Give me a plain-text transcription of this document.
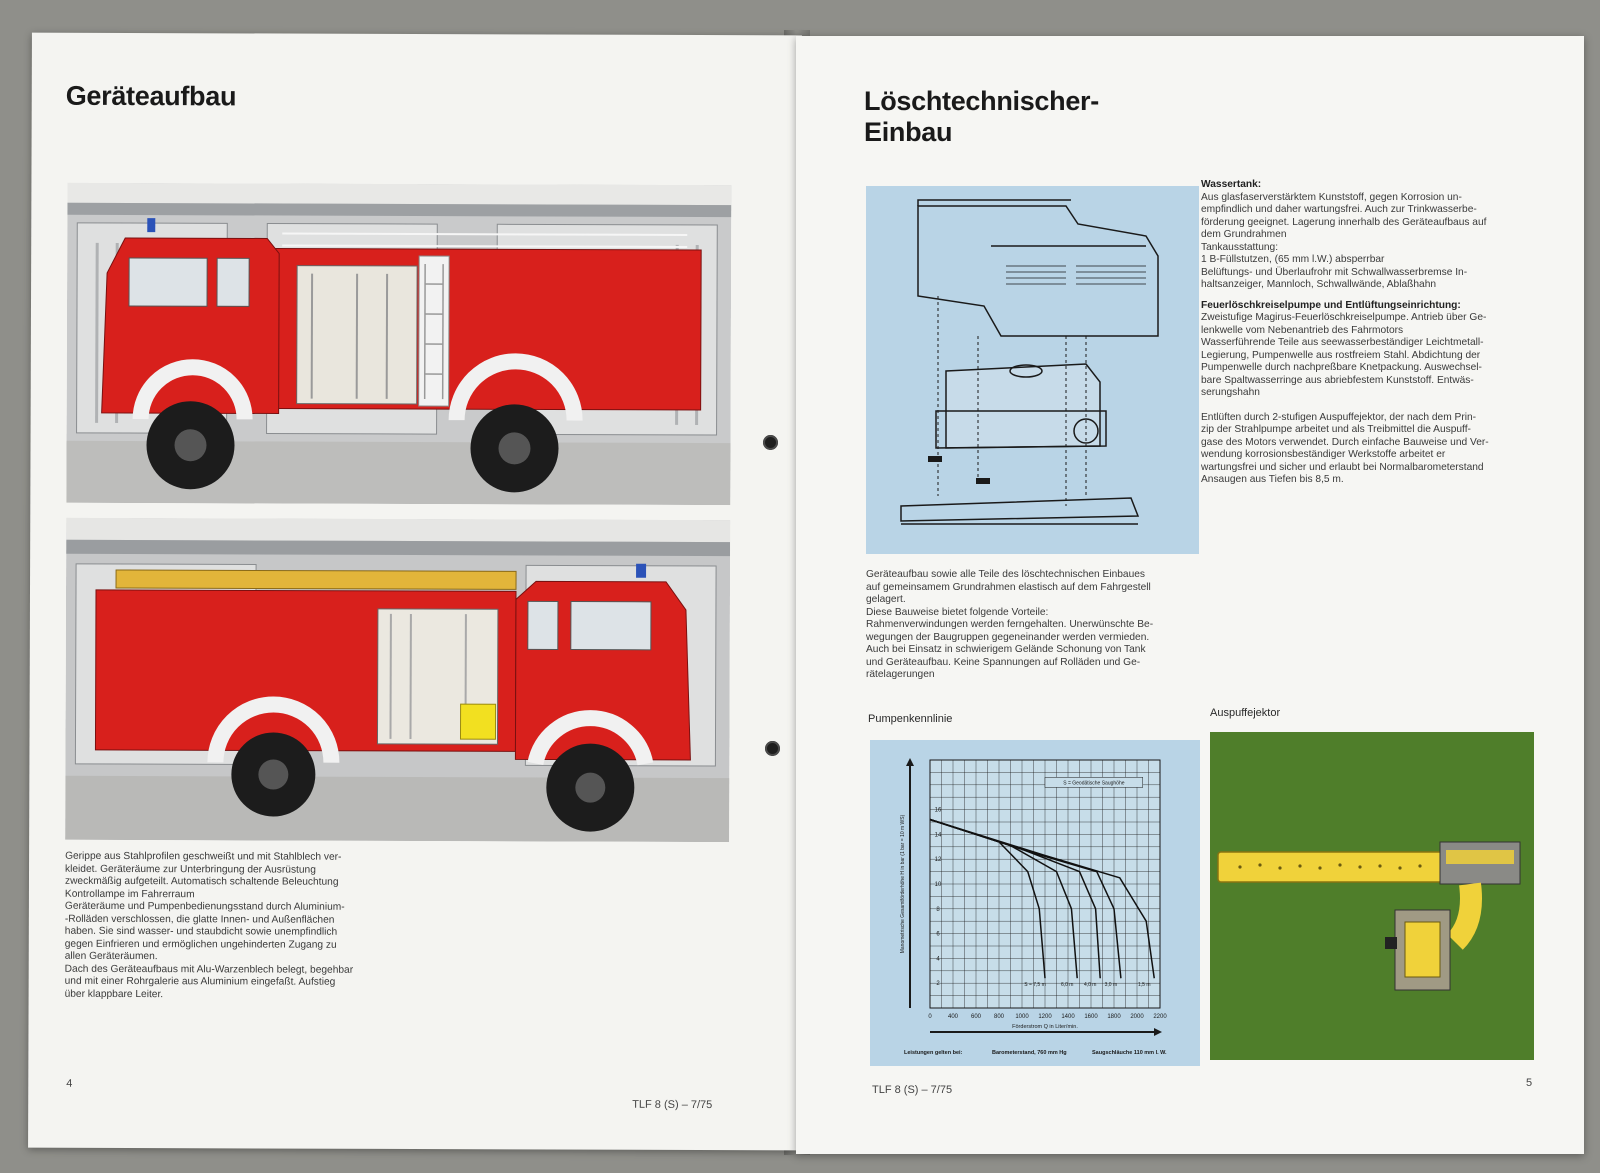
Geräteaufbau

Gerippe aus Stahlprofilen geschweißt und mit Stahlblech ver-

kleidet. Geräteräume zur Unterbringung der Ausrüstung

zweckmäßig aufgeteilt. Automatisch schaltende Beleuchtung

Kontrollampe im Fahrerraum

Geräteräume und Pumpenbedienungsstand durch Aluminium-

-Rolläden verschlossen, die glatte Innen- und Außenflächen

haben. Sie sind wasser- und staubdicht sowie unempfindlich

gegen Einfrieren und ermöglichen ungehinderten Zugang zu

allen Geräteräumen.

Dach des Geräteaufbaus mit Alu-Warzenblech belegt, begehbar

und mit einer Rohrgalerie aus Aluminium eingefaßt. Aufstieg

über klappbare Leiter.

4
TLF 8 (S) – 7/75
Löschtechnischer-
Einbau

Wassertank:

Aus glasfaserverstärktem Kunststoff, gegen Korrosion un-

empfindlich und daher wartungsfrei. Auch zur Trinkwasserbe-

förderung geeignet. Lagerung innerhalb des Geräteaufbaus auf

dem Grundrahmen

Tankausstattung:

1 B-Füllstutzen, (65 mm l.W.) absperrbar

Belüftungs- und Überlaufrohr mit Schwallwasserbremse In-

haltsanzeiger, Mannloch, Schwallwände, Ablaßhahn

Feuerlöschkreiselpumpe und Entlüftungseinrichtung:

Zweistufige Magirus-Feuerlöschkreiselpumpe. Antrieb über Ge-

lenkwelle vom Nebenantrieb des Fahrmotors

Wasserführende Teile aus seewasserbeständiger Leichtmetall-

Legierung, Pumpenwelle aus rostfreiem Stahl. Abdichtung der

Pumpenwelle durch nachpreßbare Knetpackung. Auswechsel-

bare Spaltwasserringe aus abriebfestem Kunststoff. Entwäs-

serungshahn

Entlüften durch 2-stufigen Auspuffejektor, der nach dem Prin-

zip der Strahlpumpe arbeitet und als Treibmittel die Auspuff-

gase des Motors verwendet. Durch einfache Bauweise und Ver-

wendung korrosionsbeständiger Werkstoffe arbeitet er

wartungsfrei und sicher und erlaubt bei Normalbarometerstand

Ansaugen aus Tiefen bis 8,5 m.

Geräteaufbau sowie alle Teile des löschtechnischen Einbaues

auf gemeinsamem Grundrahmen elastisch auf dem Fahrgestell

gelagert.

Diese Bauweise bietet folgende Vorteile:

Rahmenverwindungen werden ferngehalten. Unerwünschte Be-

wegungen der Baugruppen gegeneinander werden vermieden.

Auch bei Einsatz in schwierigem Gelände Schonung von Tank

und Geräteaufbau. Keine Spannungen auf Rolläden und Ge-

rätelagerungen

Pumpenkennlinie	Auspuffejektor
400 600 800 1000 1200 1400 1600 1800 2000 2200
0
2
4
6
8
10
12
14
16
Manometrische Gesamtförderhöhe H in bar (1 bar = 10 m WS)
Förderstrom Q in Liter/min.
S = Geodätische Saughöhe
S = 7,5 m	6,0 m 4,0 m 3,0 m	1,5 m
Leistungen gelten bei:	Barometerstand, 760 mm Hg	Saugschläuche 110 mm l. W.
5
TLF 8 (S) – 7/75
